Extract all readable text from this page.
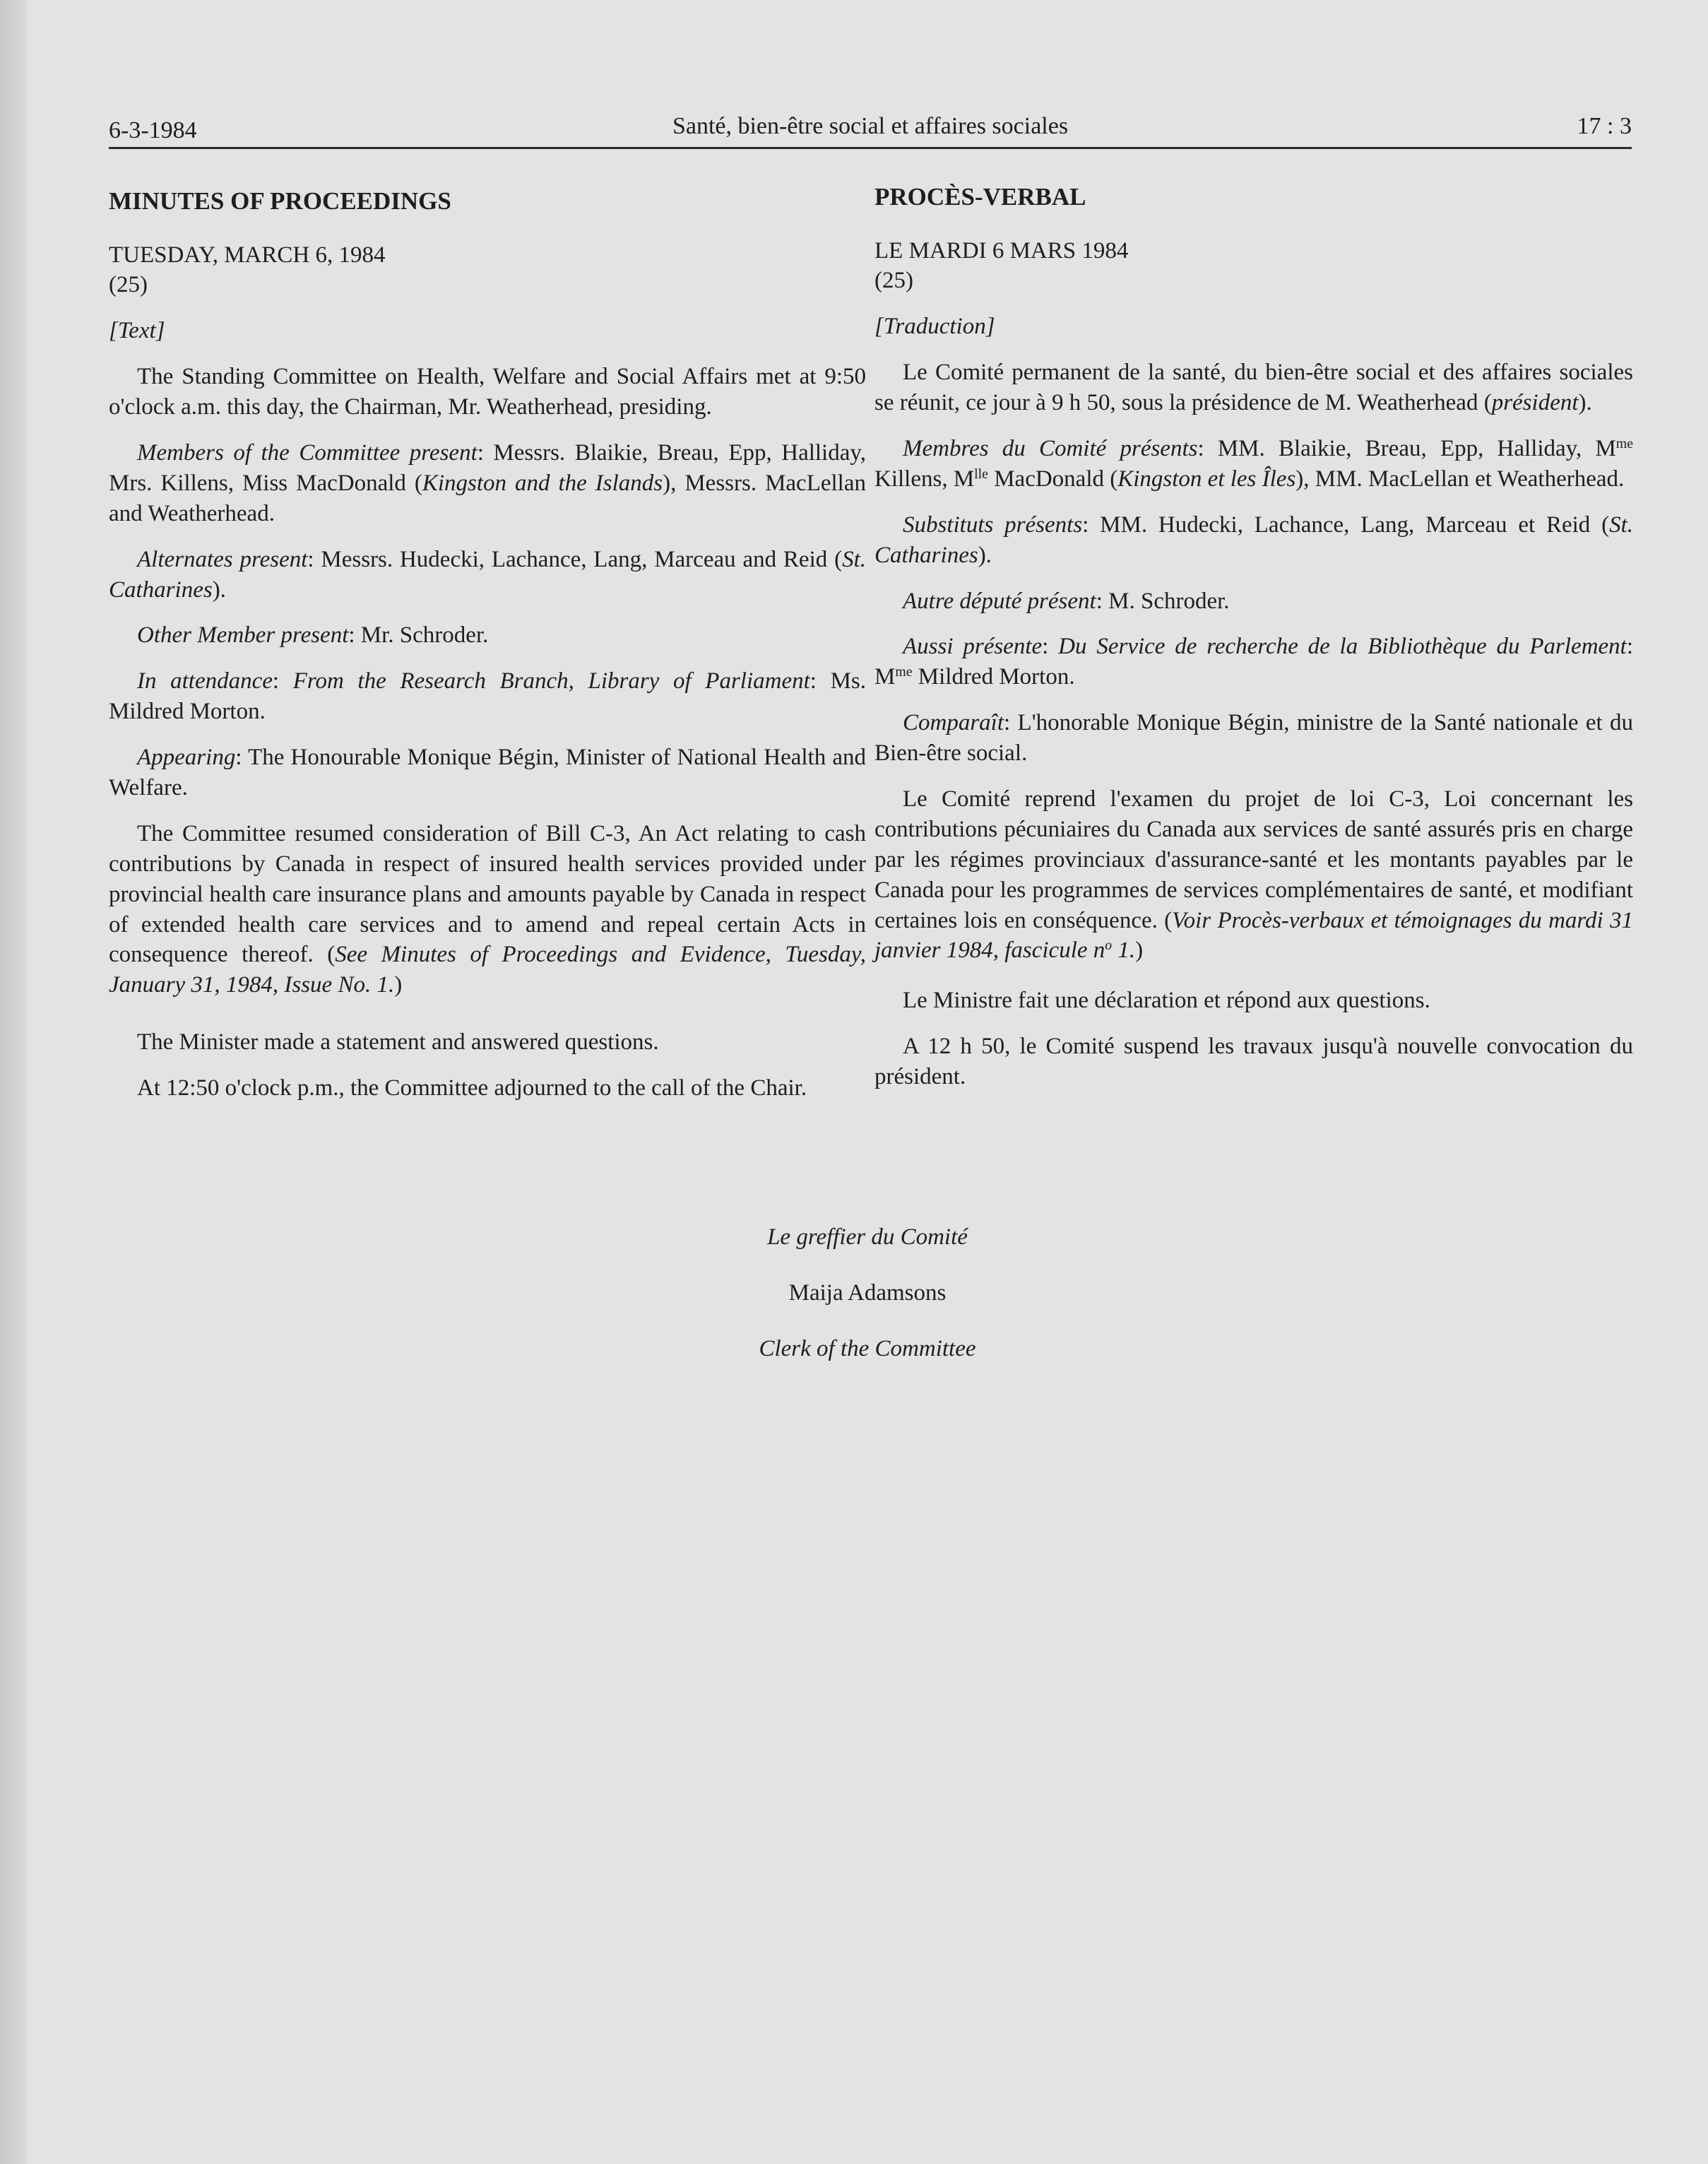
6-3-1984	Santé, bien-être social et affaires sociales	17 : 3
MINUTES OF PROCEEDINGS
TUESDAY, MARCH 6, 1984
(25)
[Text]

The Standing Committee on Health, Welfare and Social Affairs met at 9:50 o'clock a.m. this day, the Chairman, Mr. Weatherhead, presiding.

Members of the Committee present: Messrs. Blaikie, Breau, Epp, Halliday, Mrs. Killens, Miss MacDonald (Kingston and the Islands), Messrs. MacLellan and Weatherhead.

Alternates present: Messrs. Hudecki, Lachance, Lang, Marceau and Reid (St. Catharines).

Other Member present: Mr. Schroder.

In attendance: From the Research Branch, Library of Parliament: Ms. Mildred Morton.

Appearing: The Honourable Monique Bégin, Minister of National Health and Welfare.

The Committee resumed consideration of Bill C-3, An Act relating to cash contributions by Canada in respect of insured health services provided under provincial health care insurance plans and amounts payable by Canada in respect of extended health care services and to amend and repeal certain Acts in consequence thereof. (See Minutes of Proceedings and Evidence, Tuesday, January 31, 1984, Issue No. 1.)

The Minister made a statement and answered questions.

At 12:50 o'clock p.m., the Committee adjourned to the call of the Chair.

PROCÈS-VERBAL
LE MARDI 6 MARS 1984
(25)
[Traduction]

Le Comité permanent de la santé, du bien-être social et des affaires sociales se réunit, ce jour à 9 h 50, sous la présidence de M. Weatherhead (président).

Membres du Comité présents: MM. Blaikie, Breau, Epp, Halliday, $M^{me}$ Killens, $M^{lle}$ MacDonald (Kingston et les Îles), MM. MacLellan et Weatherhead.

Substituts présents: MM. Hudecki, Lachance, Lang, Marceau et Reid (St. Catharines).

Autre député présent: M. Schroder.

Aussi présente: Du Service de recherche de la Bibliothèque du Parlement: $M^{me}$ Mildred Morton.

Comparaît: L'honorable Monique Bégin, ministre de la Santé nationale et du Bien-être social.

Le Comité reprend l'examen du projet de loi C-3, Loi concernant les contributions pécuniaires du Canada aux services de santé assurés pris en charge par les régimes provinciaux d'assurance-santé et les montants payables par le Canada pour les programmes de services complémentaires de santé, et modifiant certaines lois en conséquence. (Voir Procès-verbaux et témoignages du mardi 31 janvier 1984, fascicule $n^o$ 1.)

Le Ministre fait une déclaration et répond aux questions.

A 12 h 50, le Comité suspend les travaux jusqu'à nouvelle convocation du président.

Le greffier du Comité
Maija Adamsons
Clerk of the Committee
